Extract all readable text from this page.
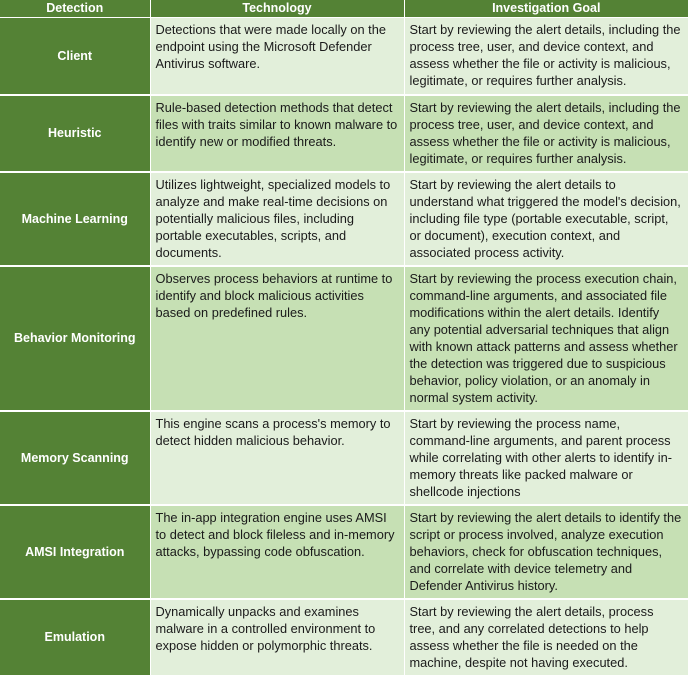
Detection	Technology	Investigation Goal
Client	Detections that were made locally on the endpoint using the Microsoft Defender Antivirus software.	Start by reviewing the alert details, including the process tree, user, and device context, and assess whether the file or activity is malicious, legitimate, or requires further analysis.
Heuristic	Rule-based detection methods that detect files with traits similar to known malware to identify new or modified threats.	Start by reviewing the alert details, including the process tree, user, and device context, and assess whether the file or activity is malicious, legitimate, or requires further analysis.
Machine Learning	Utilizes lightweight, specialized models to analyze and make real-time decisions on potentially malicious files, including portable executables, scripts, and documents.	Start by reviewing the alert details to understand what triggered the model's decision, including file type (portable executable, script, or document), execution context, and associated process activity.
Behavior Monitoring	Observes process behaviors at runtime to identify and block malicious activities based on predefined rules.	Start by reviewing the process execution chain, command-line arguments, and associated file modifications within the alert details. Identify any potential adversarial techniques that align with known attack patterns and assess whether the detection was triggered due to suspicious behavior, policy violation, or an anomaly in normal system activity.
Memory Scanning	This engine scans a process's memory to detect hidden malicious behavior.	Start by reviewing the process name, command-line arguments, and parent process while correlating with other alerts to identify in-memory threats like packed malware or shellcode injections
AMSI Integration	The in-app integration engine uses AMSI to detect and block fileless and in-memory attacks, bypassing code obfuscation.	Start by reviewing the alert details to identify the script or process involved, analyze execution behaviors, check for obfuscation techniques, and correlate with device telemetry and Defender Antivirus history.
Emulation	Dynamically unpacks and examines malware in a controlled environment to expose hidden or polymorphic threats.	Start by reviewing the alert details, process tree, and any correlated detections to help assess whether the file is needed on the machine, despite not having executed.
